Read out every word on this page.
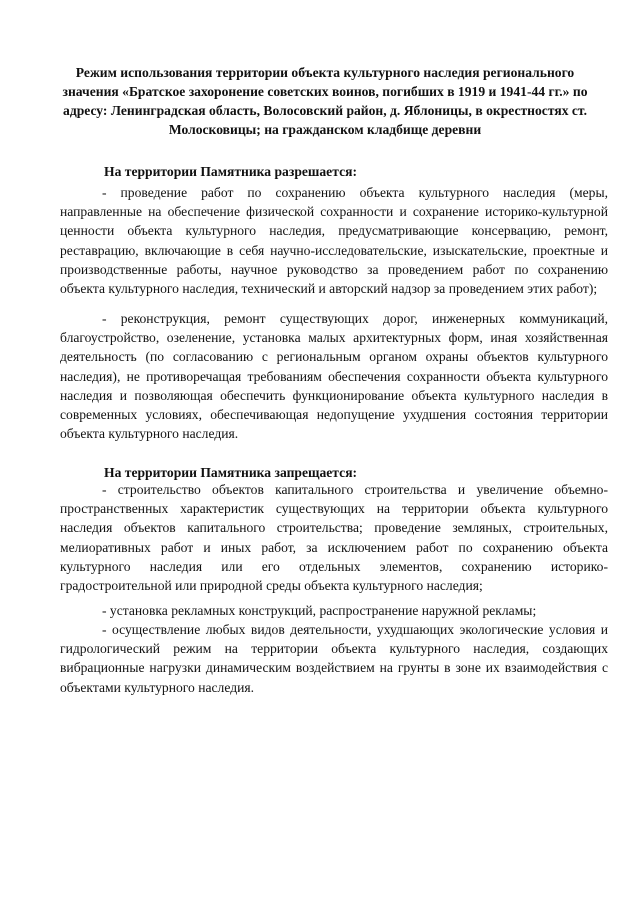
Режим использования территории объекта культурного наследия регионального значения «Братское захоронение советских воинов, погибших в 1919 и 1941-44 гг.» по адресу: Ленинградская область, Волосовский район, д. Яблоницы, в окрестностях ст. Молосковицы; на гражданском кладбище деревни
На территории Памятника разрешается:

- проведение работ по сохранению объекта культурного наследия (меры, направленные на обеспечение физической сохранности и сохранение историко-культурной ценности объекта культурного наследия, предусматривающие консервацию, ремонт, реставрацию, включающие в себя научно-исследовательские, изыскательские, проектные и производственные работы, научное руководство за проведением работ по сохранению объекта культурного наследия, технический и авторский надзор за проведением этих работ);

- реконструкция, ремонт существующих дорог, инженерных коммуникаций, благоустройство, озеленение, установка малых архитектурных форм, иная хозяйственная деятельность (по согласованию с региональным органом охраны объектов культурного наследия), не противоречащая требованиям обеспечения сохранности объекта культурного наследия и позволяющая обеспечить функционирование объекта культурного наследия в современных условиях, обеспечивающая недопущение ухудшения состояния территории объекта культурного наследия.

На территории Памятника запрещается:

- строительство объектов капитального строительства и увеличение объемно-пространственных характеристик существующих на территории объекта культурного наследия объектов капитального строительства; проведение земляных, строительных, мелиоративных работ и иных работ, за исключением работ по сохранению объекта культурного наследия или его отдельных элементов, сохранению историко-градостроительной или природной среды объекта культурного наследия;

- установка рекламных конструкций, распространение наружной рекламы;

- осуществление любых видов деятельности, ухудшающих экологические условия и гидрологический режим на территории объекта культурного наследия, создающих вибрационные нагрузки динамическим воздействием на грунты в зоне их взаимодействия с объектами культурного наследия.
